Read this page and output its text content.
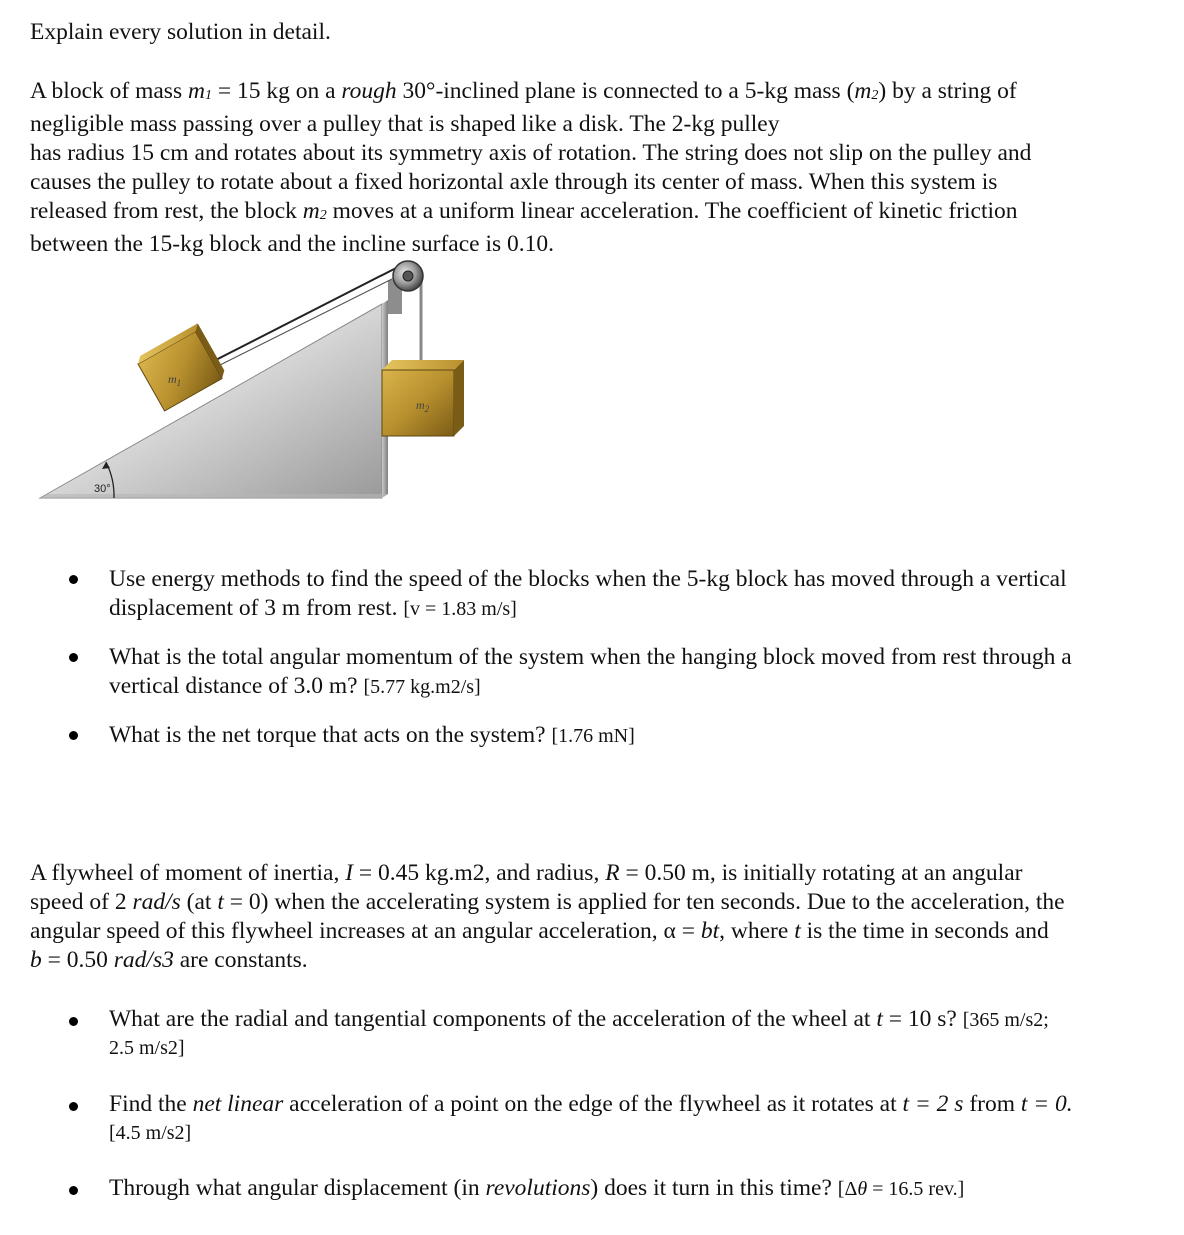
Explain every solution in detail.
A block of mass $m_1 = 15$ kg on a rough 30°-inclined plane is connected to a 5-kg mass $(m_2)$ by a string of
negligible mass passing over a pulley that is shaped like a disk. The 2-kg pulley
has radius 15 cm and rotates about its symmetry axis of rotation. The string does not slip on the pulley and
causes the pulley to rotate about a fixed horizontal axle through its center of mass. When this system is
released from rest, the block $m_2$ moves at a uniform linear acceleration. The coefficient of kinetic friction
between the 15-kg block and the incline surface is 0.10.
$m_1$
$m_2$
30°
Use energy methods to find the speed of the blocks when the 5-kg block has moved through a vertical
displacement of 3 m from rest. [v = 1.83 m/s]
What is the total angular momentum of the system when the hanging block moved from rest through a
vertical distance of 3.0 m? [5.77 kg.m2/s]
What is the net torque that acts on the system? [1.76 mN]
A flywheel of moment of inertia, I = 0.45 kg.m2, and radius, R = 0.50 m, is initially rotating at an angular
speed of 2 rad/s (at t = 0) when the accelerating system is applied for ten seconds. Due to the acceleration, the
angular speed of this flywheel increases at an angular acceleration, α = bt, where t is the time in seconds and
b = 0.50 rad/s3 are constants.
What are the radial and tangential components of the acceleration of the wheel at t = 10 s? [365 m/s2;
2.5 m/s2]
Find the net linear acceleration of a point on the edge of the flywheel as it rotates at t = 2 s from t = 0.
[4.5 m/s2]
Through what angular displacement (in revolutions) does it turn in this time? [Δθ = 16.5 rev.]
